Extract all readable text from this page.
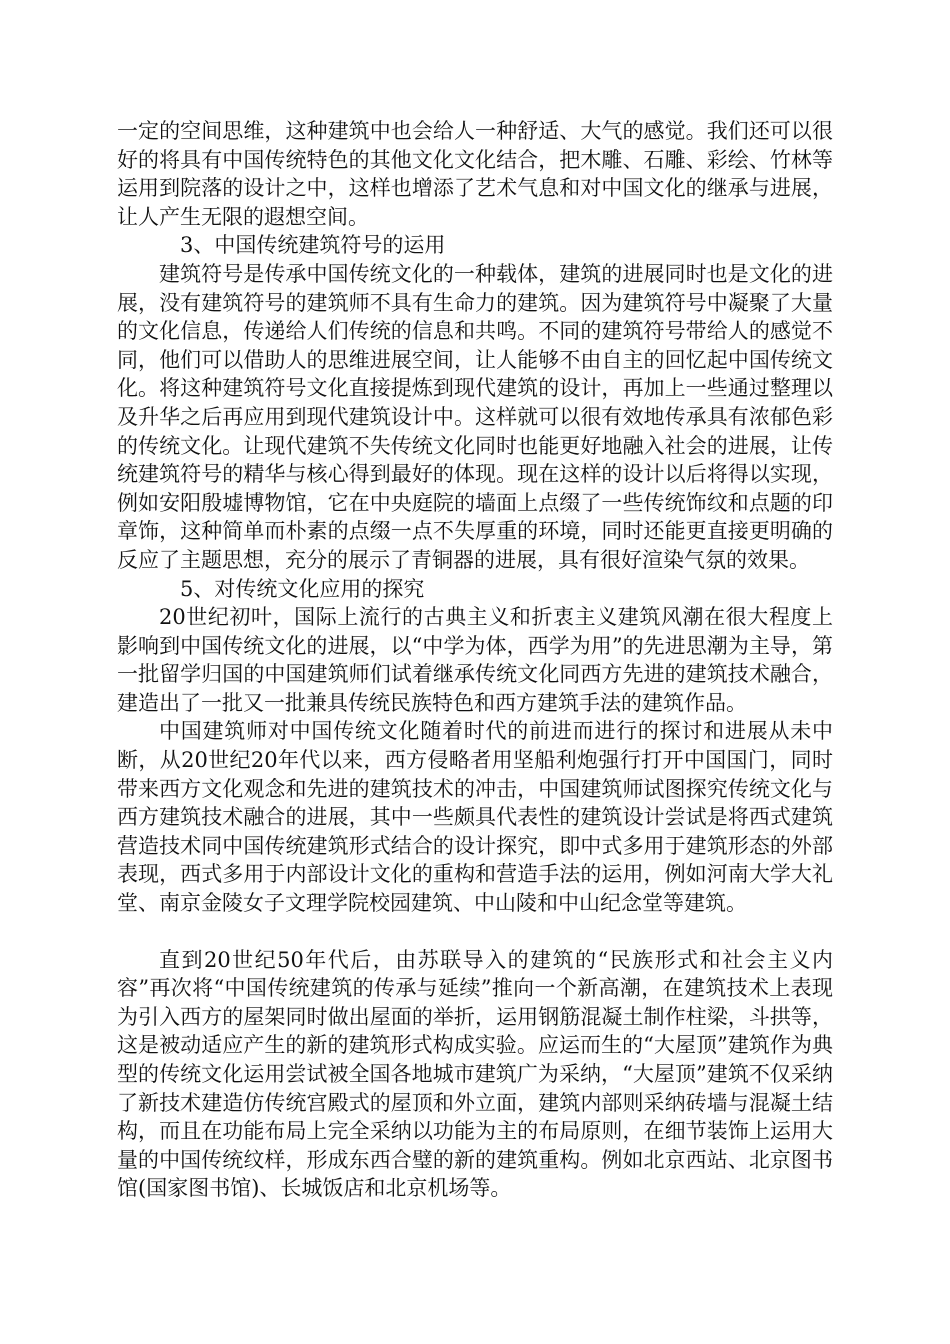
一定的空间思维，这种建筑中也会给人一种舒适、大气的感觉。我们还可以很好的将具有中国传统特色的其他文化文化结合，把木雕、石雕、彩绘、竹林等运用到院落的设计之中，这样也增添了艺术气息和对中国文化的继承与进展，让人产生无限的遐想空间。

3、中国传统建筑符号的运用

建筑符号是传承中国传统文化的一种载体，建筑的进展同时也是文化的进展，没有建筑符号的建筑师不具有生命力的建筑。因为建筑符号中凝聚了大量的文化信息，传递给人们传统的信息和共鸣。不同的建筑符号带给人的感觉不同，他们可以借助人的思维进展空间，让人能够不由自主的回忆起中国传统文化。将这种建筑符号文化直接提炼到现代建筑的设计，再加上一些通过整理以及升华之后再应用到现代建筑设计中。这样就可以很有效地传承具有浓郁色彩的传统文化。让现代建筑不失传统文化同时也能更好地融入社会的进展，让传统建筑符号的精华与核心得到最好的体现。现在这样的设计以后将得以实现，例如安阳殷墟博物馆，它在中央庭院的墙面上点缀了一些传统饰纹和点题的印章饰，这种简单而朴素的点缀一点不失厚重的环境，同时还能更直接更明确的反应了主题思想，充分的展示了青铜器的进展，具有很好渲染气氛的效果。

5、对传统文化应用的探究

20世纪初叶，国际上流行的古典主义和折衷主义建筑风潮在很大程度上影响到中国传统文化的进展，以“中学为体，西学为用”的先进思潮为主导，第一批留学归国的中国建筑师们试着继承传统文化同西方先进的建筑技术融合，建造出了一批又一批兼具传统民族特色和西方建筑手法的建筑作品。

中国建筑师对中国传统文化随着时代的前进而进行的探讨和进展从未中断，从20世纪20年代以来，西方侵略者用坚船利炮强行打开中国国门，同时带来西方文化观念和先进的建筑技术的冲击，中国建筑师试图探究传统文化与西方建筑技术融合的进展，其中一些颇具代表性的建筑设计尝试是将西式建筑营造技术同中国传统建筑形式结合的设计探究，即中式多用于建筑形态的外部表现，西式多用于内部设计文化的重构和营造手法的运用，例如河南大学大礼堂、南京金陵女子文理学院校园建筑、中山陵和中山纪念堂等建筑。

直到20世纪50年代后，由苏联导入的建筑的“民族形式和社会主义内容”再次将“中国传统建筑的传承与延续”推向一个新高潮，在建筑技术上表现为引入西方的屋架同时做出屋面的举折，运用钢筋混凝土制作柱梁，斗拱等，这是被动适应产生的新的建筑形式构成实验。应运而生的“大屋顶”建筑作为典型的传统文化运用尝试被全国各地城市建筑广为采纳，“大屋顶”建筑不仅采纳了新技术建造仿传统宫殿式的屋顶和外立面，建筑内部则采纳砖墙与混凝土结构，而且在功能布局上完全采纳以功能为主的布局原则，在细节装饰上运用大量的中国传统纹样，形成东西合璧的新的建筑重构。例如北京西站、北京图书馆(国家图书馆)、长城饭店和北京机场等。
